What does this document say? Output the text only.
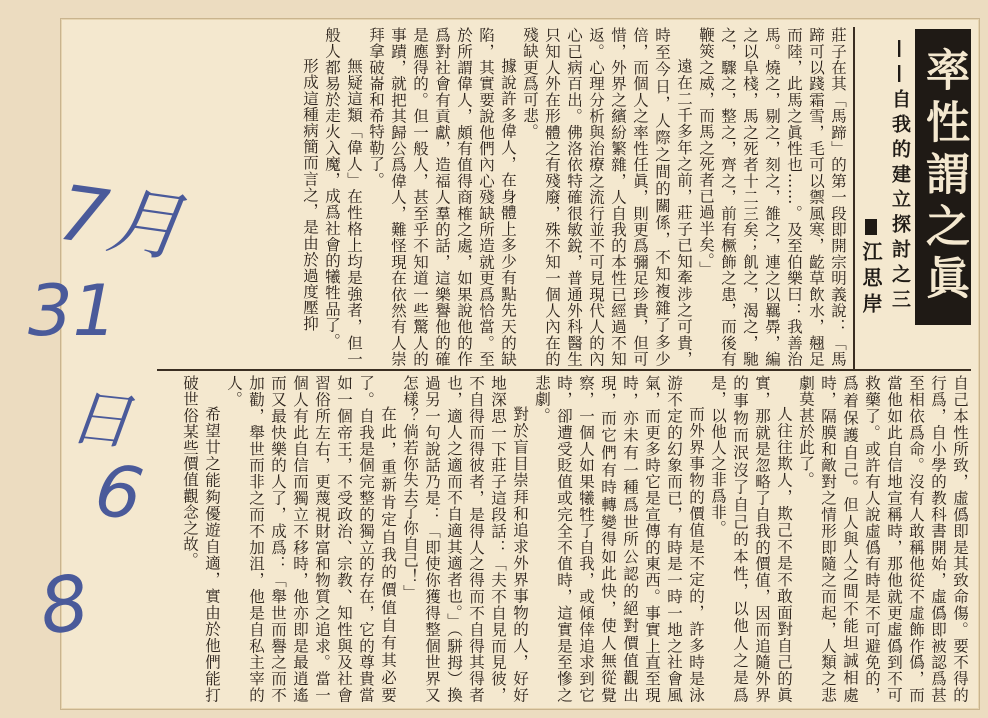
率性謂之眞
——自我的建立探討之三
江思岸

莊子在其「馬蹄」的第一段即開宗明義說：「馬蹄可以踐霜雪，毛可以禦風寒，齕草飲水，翹足而陸，此馬之眞性也……。及至伯樂曰：我善治馬。燒之，剔之，刻之，雒之，連之以羈馵，編之以阜棧，馬之死者十二三矣；飢之，渴之，馳之，驟之，整之，齊之，前有橛飾之患，而後有鞭筴之威，而馬之死者已過半矣。」

遠在二千多年之前，莊子已知牽涉之可貴，時至今日，人際之間的關係，不知複雜了多少倍，而個人之率性任眞，則更爲彌足珍貴，但可惜，外界之繽紛繁雜，人自我的本性已經過不知返。心理分析與治療之流行並不可見現代人的內心已病百出。佛洛依特確很敏銳，普通外科醫生只知人外在形體之有殘廢，殊不知一個人內在的殘缺更爲可悲。

據說許多偉人，在身體上多少有點先天的缺陷，其實要說他們內心殘缺所造就更爲恰當。至於所謂偉人，頗有值得商榷之處，如果說他的作爲對社會有貢獻，造福人羣的話，這樂譽他的確是應得的。但一般人，甚至乎不知道一些驚人的事蹟，就把其歸公爲偉人，難怪現在依然有人崇拜拿破崙和希特勒了。

無疑這類「偉人」在性格上均是強者，但一般人都易於走火入魔，成爲社會的犧牲品了。

形成這種病簡而言之，是由於過度壓抑

自己本性所致，虛僞即是其致命傷。要不得的行爲，自小學的教科書開始，虛僞即被認爲甚至相依爲命。沒有人敢稱他從不虛飾作僞，而當他如此自信地宣稱時，那他就更虛僞到不可救藥了。或許有人說虛僞有時是不可避免的，爲着保護自己。但人與人之間不能坦誠相處時，隔膜和敵對之情形即隨之而起，人類之悲劇莫甚於此了。

人往往欺人，欺己不是不敢面對自己的眞實，那就是忽略了自我的價值，因而追隨外界的事物而泯沒了自己的本性，以他人之是爲是，以他人之非爲非。

而外界事物的價值是不定的，許多時是泳游不定的幻象而已，有時是一時一地之社會風氣，而更多時它是宣傳的東西。事實上直至現時，亦未有一種爲世所公認的絕對價值觀出現，而它們有時轉變得如此快，使人無從覺察，一個人如果犧牲了自我，或傾倖追求到它時，卻遭受貶值或完全不值時，這實是至慘之悲劇。

對於盲目崇拜和追求外界事物的人，好好地深思一下莊子這段話：「夫不自見而見彼，不自得而得彼者，是得人之得而不自得其得者也，適人之適而不自適其適者也。」（駢拇）換過另一句說話乃是：「即使你獲得整個世界又怎樣？倘若你失去了你自己！」

在此，重新肯定自我的價值自有其必要了。自我是個完整的獨立的存在，它的尊貴當如一個帝王，不受政治、宗教、知性與及社會習俗所左右，更蔑視財富和物質之追求。當一個人有此自信而獨立不移時，他亦即是最逍遙而又最快樂的人了，成爲：「舉世而譽之而不加勸，舉世而非之而不加沮，他是自私主宰的人。

希望廿之能夠優遊自適，實由於他們能打破世俗某些價值觀念之故。

7月
31
日
6
8
